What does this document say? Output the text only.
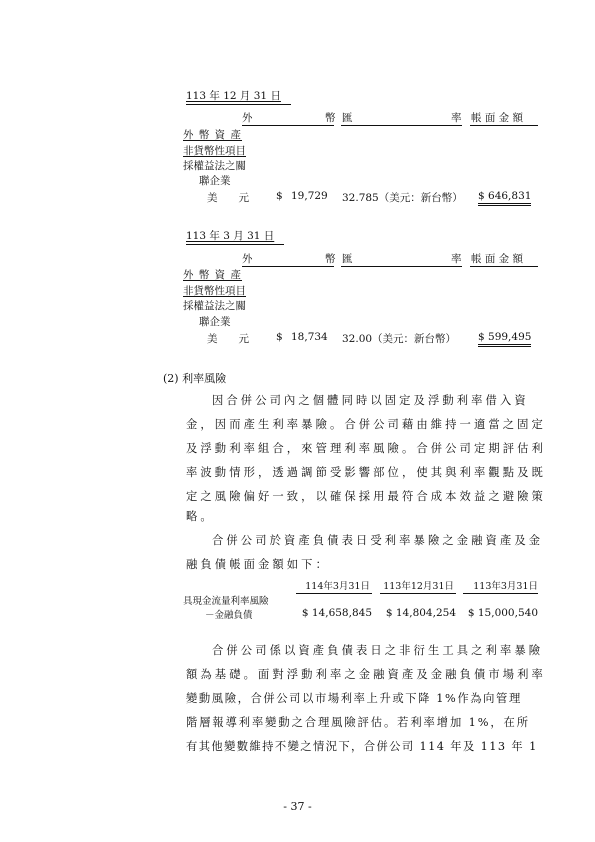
113 年 12 月 31 日
外	幣 匯	率 帳 面 金 額
外 幣 資 產
非貨幣性項目
採權益法之關
聯企業
美　　元	$ 19,729 32.785（美元：新台幣） $ 646,831
113 年 3 月 31 日
外	幣 匯	率 帳 面 金 額
外 幣 資 產
非貨幣性項目
採權益法之關
聯企業
美　　元	$ 18,734 32.00（美元：新台幣） $ 599,495
(2) 利率風險
因合併公司內之個體同時以固定及浮動利率借入資
金，因而產生利率暴險。合併公司藉由維持一適當之固定
及浮動利率組合，來管理利率風險。合併公司定期評估利
率波動情形，透過調節受影響部位，使其與利率觀點及既
定之風險偏好一致，以確保採用最符合成本效益之避險策
略。
合併公司於資產負債表日受利率暴險之金融資產及金
融負債帳面金額如下：
114年3月31日	113年12月31日	113年3月31日
具現金流量利率風險
－金融負債	$ 14,658,845	$ 14,804,254	$ 15,000,540
合併公司係以資產負債表日之非衍生工具之利率暴險
額為基礎。面對浮動利率之金融資產及金融負債市場利率
變動風險，合併公司以市場利率上升或下降 1%作為向管理
階層報導利率變動之合理風險評估。若利率增加 1%，在所
有其他變數維持不變之情況下，合併公司 114 年及 113 年 1
- 37 -
